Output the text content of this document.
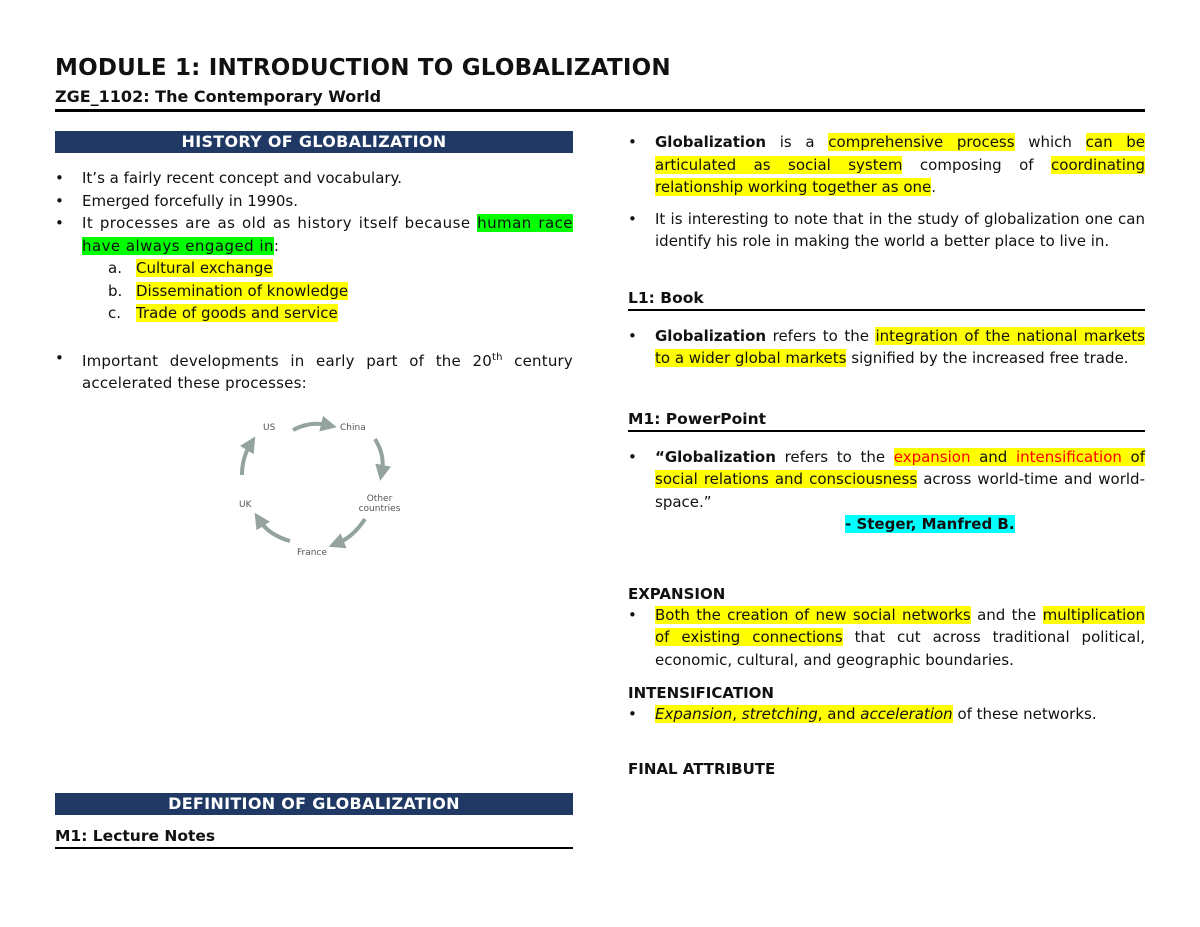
MODULE 1: INTRODUCTION TO GLOBALIZATION
ZGE_1102: The Contemporary World
HISTORY OF GLOBALIZATION
• It’s a fairly recent concept and vocabulary.
• Emerged forcefully in 1990s.
• It processes are as old as history itself because human race have always engaged in:
a. Cultural exchange
b. Dissemination of knowledge
c. Trade of goods and service
• Important developments in early part of the 20th century accelerated these processes:
US	China
Other countries
France
UK
DEFINITION OF GLOBALIZATION
M1: Lecture Notes
• Globalization is a comprehensive process which can be articulated as social system composing of coordinating relationship working together as one.
• It is interesting to note that in the study of globalization one can identify his role in making the world a better place to live in.
L1: Book
• Globalization refers to the integration of the national markets to a wider global markets signified by the increased free trade.
M1: PowerPoint
• “Globalization refers to the expansion and intensification of social relations and consciousness across world-time and world-space.”
- Steger, Manfred B.
EXPANSION
• Both the creation of new social networks and the multiplication of existing connections that cut across traditional political, economic, cultural, and geographic boundaries.
INTENSIFICATION
• Expansion, stretching, and acceleration of these networks.
FINAL ATTRIBUTE
